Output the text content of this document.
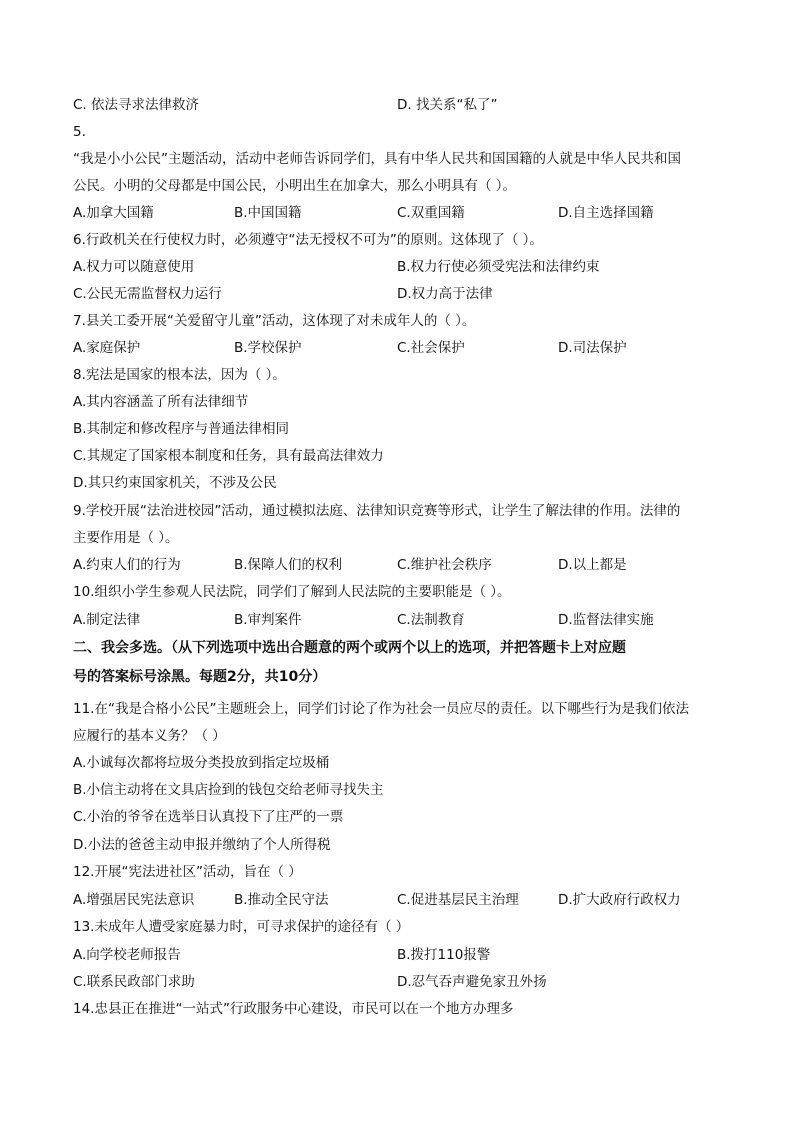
C. 依法寻求法律救济	D. 找关系“私了”
5.
“我是小小公民”主题活动，活动中老师告诉同学们，具有中华人民共和国国籍的人就是中华人民共和国
公民。小明的父母都是中国公民，小明出生在加拿大，那么小明具有（ ）。
A.加拿大国籍	B.中国国籍	C.双重国籍	D.自主选择国籍
6.行政机关在行使权力时，必须遵守“法无授权不可为”的原则。这体现了（ ）。
A.权力可以随意使用	B.权力行使必须受宪法和法律约束
C.公民无需监督权力运行	D.权力高于法律
7.县关工委开展“关爱留守儿童”活动，这体现了对未成年人的（ ）。
A.家庭保护	B.学校保护	C.社会保护	D.司法保护
8.宪法是国家的根本法，因为（ ）。
A.其内容涵盖了所有法律细节
B.其制定和修改程序与普通法律相同
C.其规定了国家根本制度和任务，具有最高法律效力
D.其只约束国家机关，不涉及公民
9.学校开展“法治进校园”活动，通过模拟法庭、法律知识竞赛等形式，让学生了解法律的作用。法律的
主要作用是（ ）。
A.约束人们的行为	B.保障人们的权利	C.维护社会秩序	D.以上都是
10.组织小学生参观人民法院，同学们了解到人民法院的主要职能是（ ）。
A.制定法律	B.审判案件	C.法制教育	D.监督法律实施
二、我会多选。（从下列选项中选出合题意的两个或两个以上的选项，并把答题卡上对应题
号的答案标号涂黑。每题2分，共10分）
11.在“我是合格小公民”主题班会上，同学们讨论了作为社会一员应尽的责任。以下哪些行为是我们依法
应履行的基本义务？（ ）
A.小诚每次都将垃圾分类投放到指定垃圾桶
B.小信主动将在文具店捡到的钱包交给老师寻找失主
C.小治的爷爷在选举日认真投下了庄严的一票
D.小法的爸爸主动申报并缴纳了个人所得税
12.开展“宪法进社区”活动，旨在（ ）
A.增强居民宪法意识	B.推动全民守法	C.促进基层民主治理	D.扩大政府行政权力
13.未成年人遭受家庭暴力时，可寻求保护的途径有（ ）
A.向学校老师报告	B.拨打110报警
C.联系民政部门求助	D.忍气吞声避免家丑外扬
14.忠县正在推进“一站式”行政服务中心建设，市民可以在一个地方办理多
